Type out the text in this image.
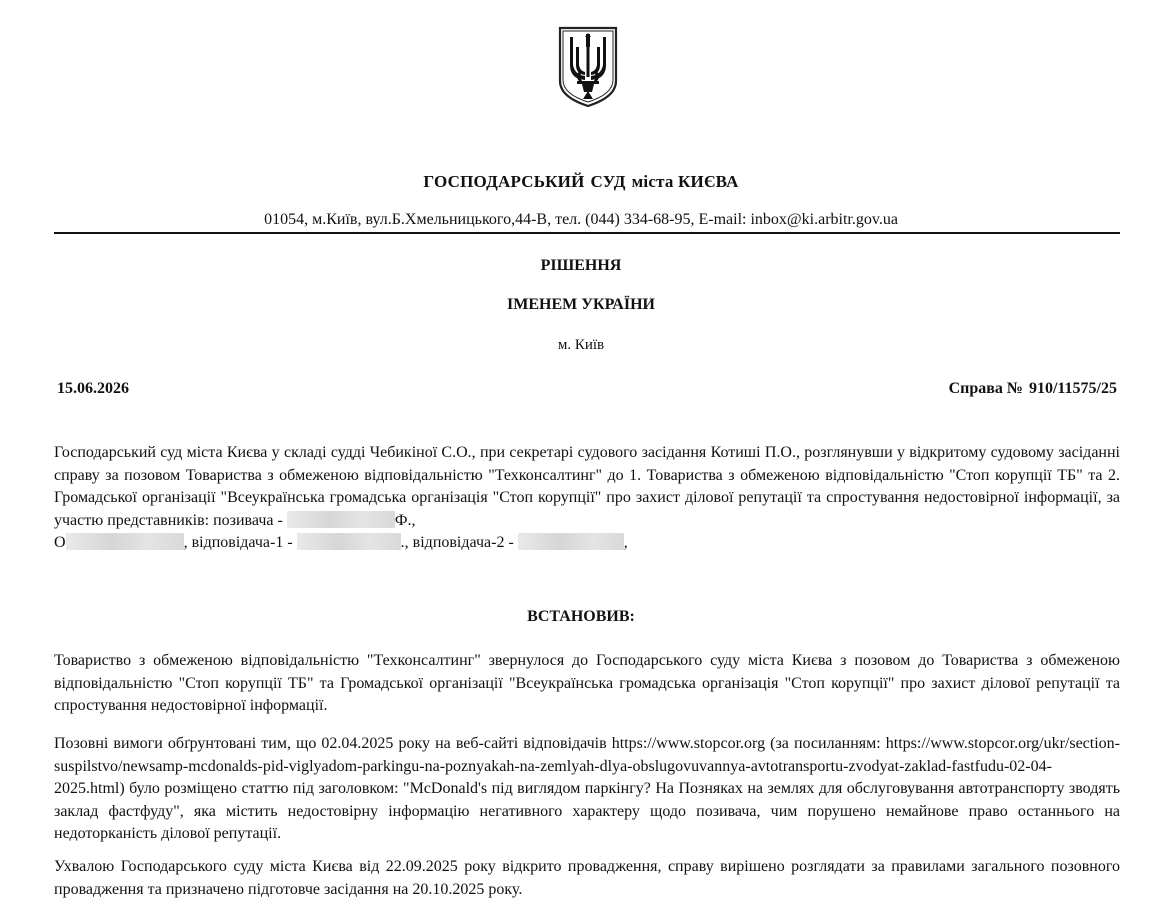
ГОСПОДАРСЬКИЙ СУД міста КИЄВА
01054, м.Київ, вул.Б.Хмельницького,44-В, тел. (044) 334-68-95, E-mail: inbox@ki.arbitr.gov.ua
РІШЕННЯ
ІМЕНЕМ УКРАЇНИ
м. Київ
15.06.2026	Справа № 910/11575/25
Господарський суд міста Києва у складі судді Чебикіної С.О., при секретарі судового засідання Котиші П.О., розглянувши у відкритому судовому засіданні справу за позовом Товариства з обмеженою відповідальністю "Техконсалтинг" до 1. Товариства з обмеженою відповідальністю "Стоп корупції ТБ" та 2. Громадської організації "Всеукраїнська громадська організація "Стоп корупції" про захист ділової репутації та спростування недостовірної інформації, за участю представників: позивача -	Ф.,
О	, відповідача-1 -	., відповідача-2 -	,
ВСТАНОВИВ:
Товариство з обмеженою відповідальністю "Техконсалтинг" звернулося до Господарського суду міста Києва з позовом до Товариства з обмеженою відповідальністю "Стоп корупції ТБ" та Громадської організації "Всеукраїнська громадська організація "Стоп корупції" про захист ділової репутації та спростування недостовірної інформації.
Позовні вимоги обґрунтовані тим, що 02.04.2025 року на веб-сайті відповідачів https://www.stopcor.org (за посиланням: https://www.stopcor.org/ukr/section-suspilstvo/newsamp-mcdonalds-pid-viglyadom-parkingu-na-poznyakah-na-zemlyah-dlya-obslugovuvannya-avtotransportu-zvodyat-zaklad-fastfudu-02-04-2025.html) було розміщено статтю під заголовком: "McDonald's під виглядом паркінгу? На Позняках на землях для обслуговування автотранспорту зводять заклад фастфуду", яка містить недостовірну інформацію негативного характеру щодо позивача, чим порушено немайнове право останнього на недоторканість ділової репутації.
Ухвалою Господарського суду міста Києва від 22.09.2025 року відкрито провадження, справу вирішено розглядати за правилами загального позовного провадження та призначено підготовче засідання на 20.10.2025 року.
